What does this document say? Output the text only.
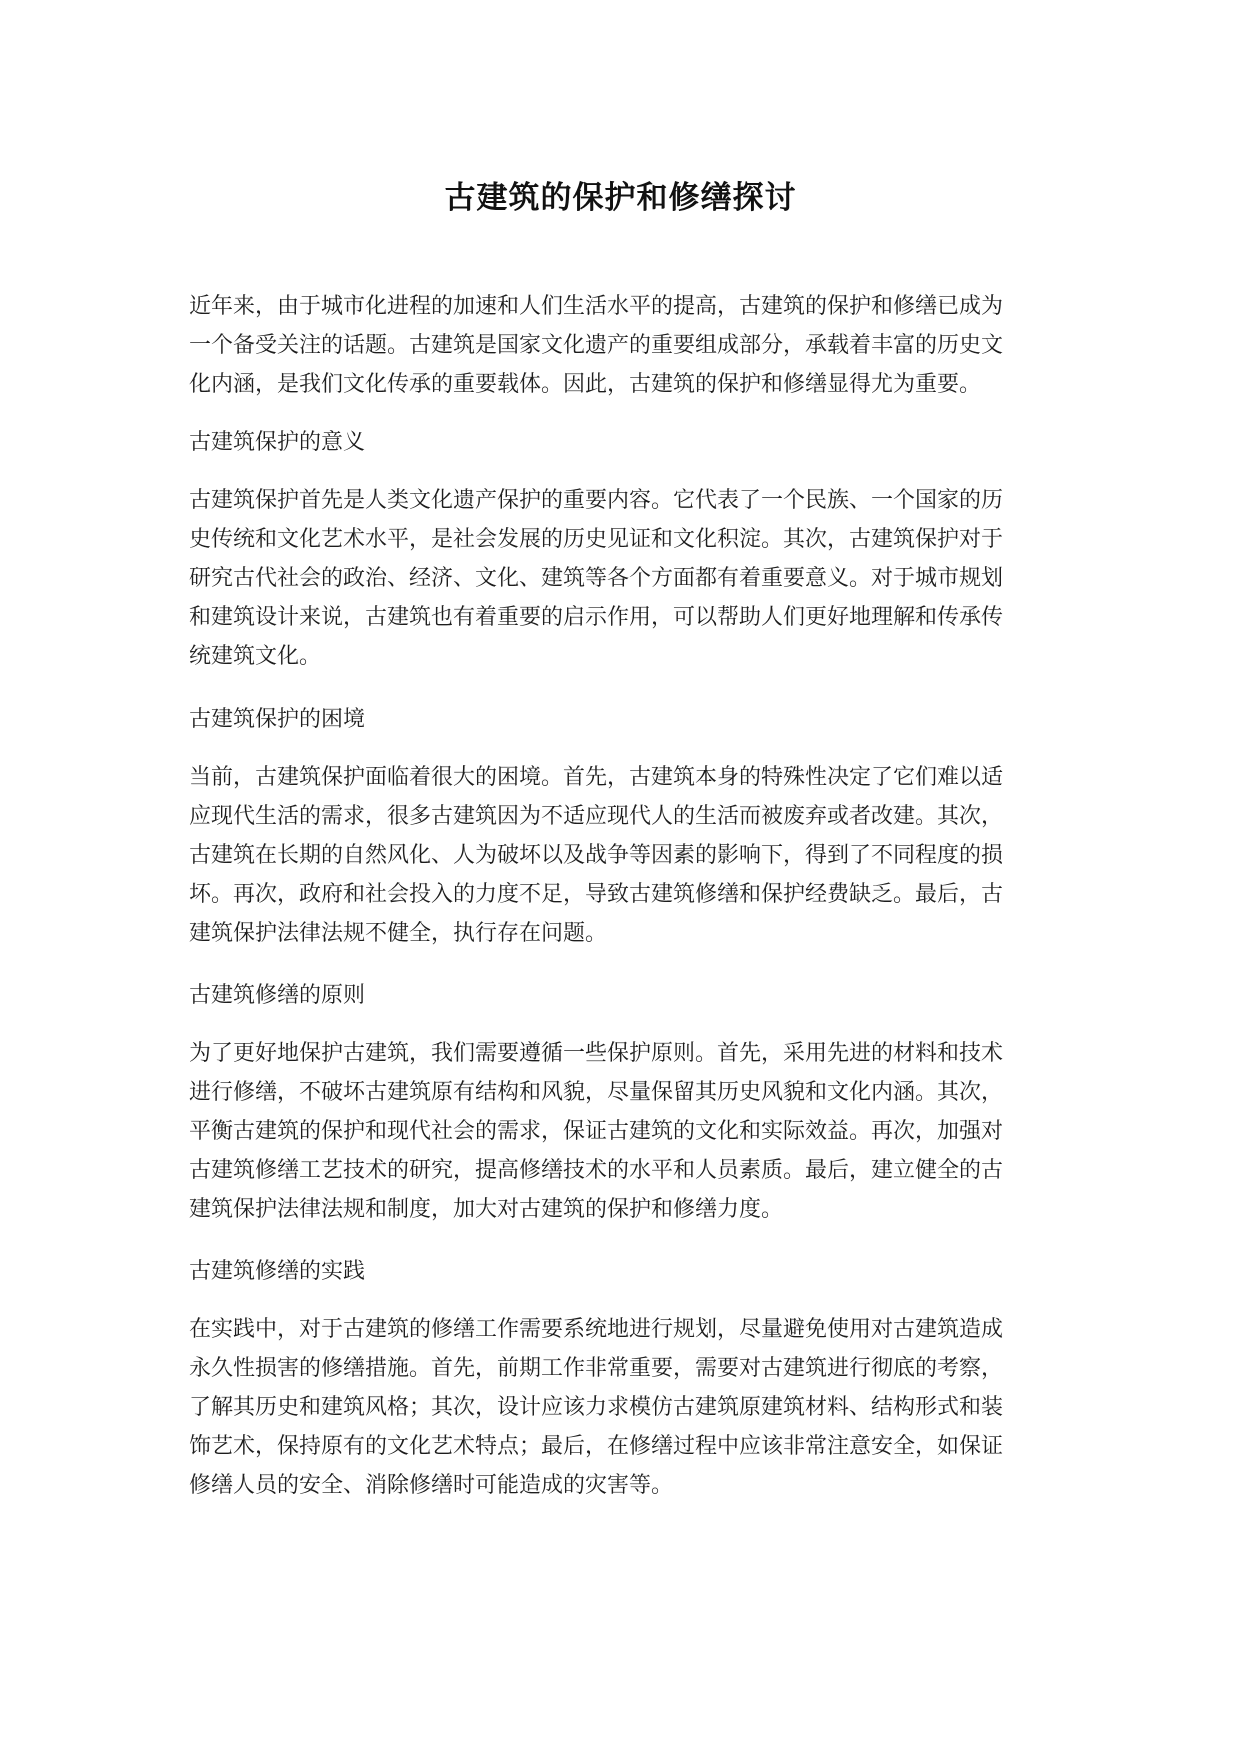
古建筑的保护和修缮探讨
近年来，由于城市化进程的加速和人们生活水平的提高，古建筑的保护和修缮已成为
一个备受关注的话题。古建筑是国家文化遗产的重要组成部分，承载着丰富的历史文
化内涵，是我们文化传承的重要载体。因此，古建筑的保护和修缮显得尤为重要。
古建筑保护的意义
古建筑保护首先是人类文化遗产保护的重要内容。它代表了一个民族、一个国家的历
史传统和文化艺术水平，是社会发展的历史见证和文化积淀。其次，古建筑保护对于
研究古代社会的政治、经济、文化、建筑等各个方面都有着重要意义。对于城市规划
和建筑设计来说，古建筑也有着重要的启示作用，可以帮助人们更好地理解和传承传
统建筑文化。
古建筑保护的困境
当前，古建筑保护面临着很大的困境。首先，古建筑本身的特殊性决定了它们难以适
应现代生活的需求，很多古建筑因为不适应现代人的生活而被废弃或者改建。其次，
古建筑在长期的自然风化、人为破坏以及战争等因素的影响下，得到了不同程度的损
坏。再次，政府和社会投入的力度不足，导致古建筑修缮和保护经费缺乏。最后，古
建筑保护法律法规不健全，执行存在问题。
古建筑修缮的原则
为了更好地保护古建筑，我们需要遵循一些保护原则。首先，采用先进的材料和技术
进行修缮，不破坏古建筑原有结构和风貌，尽量保留其历史风貌和文化内涵。其次，
平衡古建筑的保护和现代社会的需求，保证古建筑的文化和实际效益。再次，加强对
古建筑修缮工艺技术的研究，提高修缮技术的水平和人员素质。最后，建立健全的古
建筑保护法律法规和制度，加大对古建筑的保护和修缮力度。
古建筑修缮的实践
在实践中，对于古建筑的修缮工作需要系统地进行规划，尽量避免使用对古建筑造成
永久性损害的修缮措施。首先，前期工作非常重要，需要对古建筑进行彻底的考察，
了解其历史和建筑风格；其次，设计应该力求模仿古建筑原建筑材料、结构形式和装
饰艺术，保持原有的文化艺术特点；最后，在修缮过程中应该非常注意安全，如保证
修缮人员的安全、消除修缮时可能造成的灾害等。
